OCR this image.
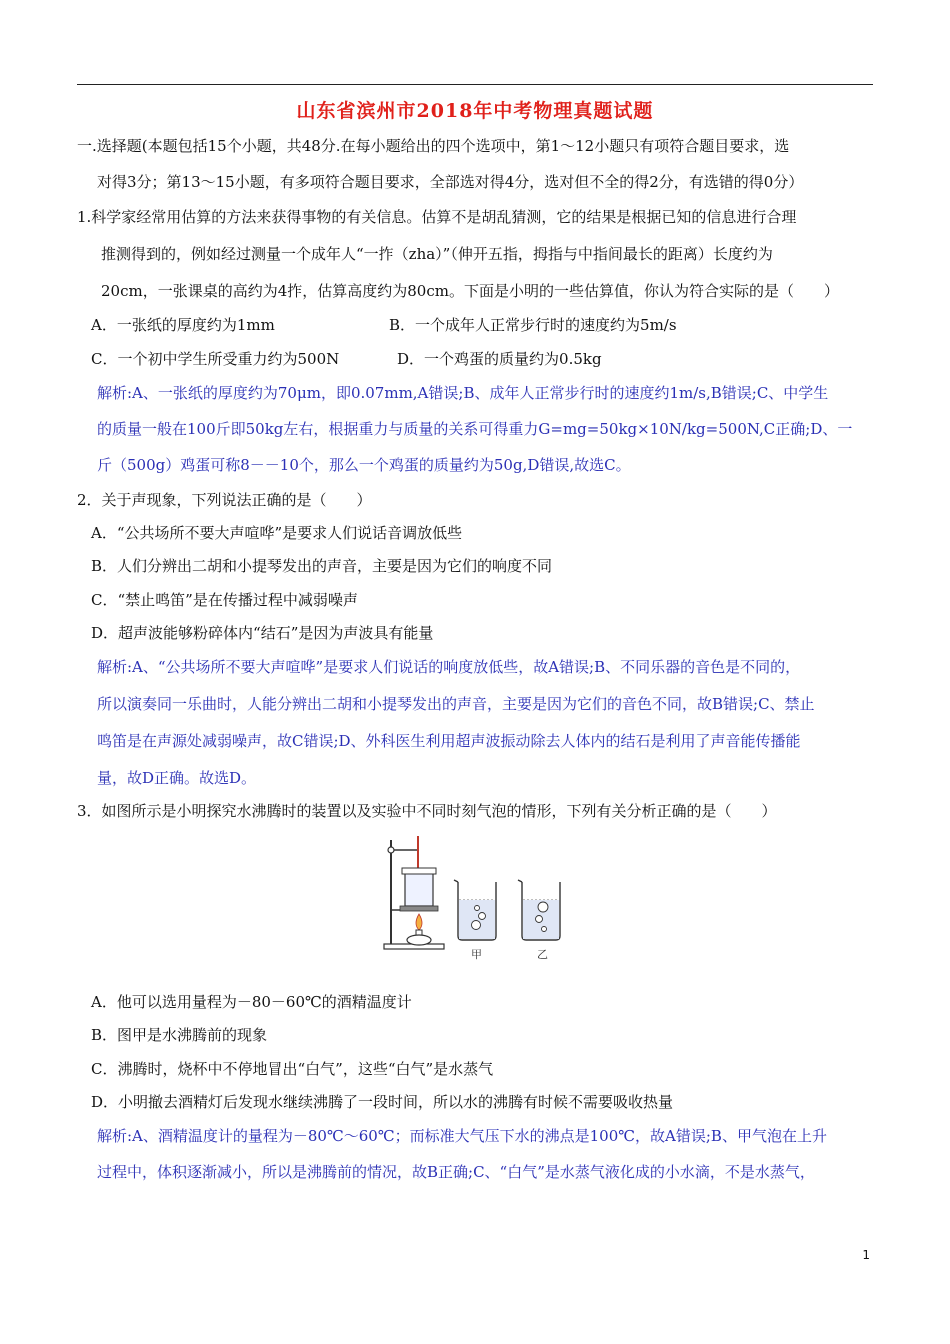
山东省滨州市2018年中考物理真题试题
一.选择题(本题包括15个小题，共48分.在每小题给出的四个选项中，第1～12小题只有项符合题目要求，选
对得3分；第13～15小题，有多项符合题目要求，全部选对得4分，选对但不全的得2分，有选错的得0分）
1.科学家经常用估算的方法来获得事物的有关信息。估算不是胡乱猜测，它的结果是根据已知的信息进行合理
推测得到的，例如经过测量一个成年人“一拃（zha）”（伸开五指，拇指与中指间最长的距离）长度约为
20cm，一张课桌的高约为4拃，估算高度约为80cm。下面是小明的一些估算值，你认为符合实际的是（　　）
A．一张纸的厚度约为1mm	B．一个成年人正常步行时的速度约为5m/s
C．一个初中学生所受重力约为500N	D．一个鸡蛋的质量约为0.5kg
解析:A、一张纸的厚度约为70μm，即0.07mm,A错误;B、成年人正常步行时的速度约1m/s,B错误;C、中学生
的质量一般在100斤即50kg左右，根据重力与质量的关系可得重力G=mg=50kg×10N/kg=500N,C正确;D、一
斤（500g）鸡蛋可称8－－10个，那么一个鸡蛋的质量约为50g,D错误,故选C。
2．关于声现象，下列说法正确的是（　　）
A．“公共场所不要大声喧哗”是要求人们说话音调放低些
B．人们分辨出二胡和小提琴发出的声音，主要是因为它们的响度不同
C．“禁止鸣笛”是在传播过程中减弱噪声
D．超声波能够粉碎体内“结石”是因为声波具有能量
解析:A、“公共场所不要大声喧哗”是要求人们说话的响度放低些，故A错误;B、不同乐器的音色是不同的，
所以演奏同一乐曲时，人能分辨出二胡和小提琴发出的声音，主要是因为它们的音色不同，故B错误;C、禁止
鸣笛是在声源处减弱噪声，故C错误;D、外科医生利用超声波振动除去人体内的结石是利用了声音能传播能
量，故D正确。故选D。
3．如图所示是小明探究水沸腾时的装置以及实验中不同时刻气泡的情形，下列有关分析正确的是（　　）
甲	乙
A．他可以选用量程为－80－60℃的酒精温度计
B．图甲是水沸腾前的现象
C．沸腾时，烧杯中不停地冒出“白气”，这些“白气”是水蒸气
D．小明撤去酒精灯后发现水继续沸腾了一段时间，所以水的沸腾有时候不需要吸收热量
解析:A、酒精温度计的量程为－80℃～60℃；而标准大气压下水的沸点是100℃，故A错误;B、甲气泡在上升
过程中，体积逐渐减小，所以是沸腾前的情况，故B正确;C、“白气”是水蒸气液化成的小水滴，不是水蒸气，
1
